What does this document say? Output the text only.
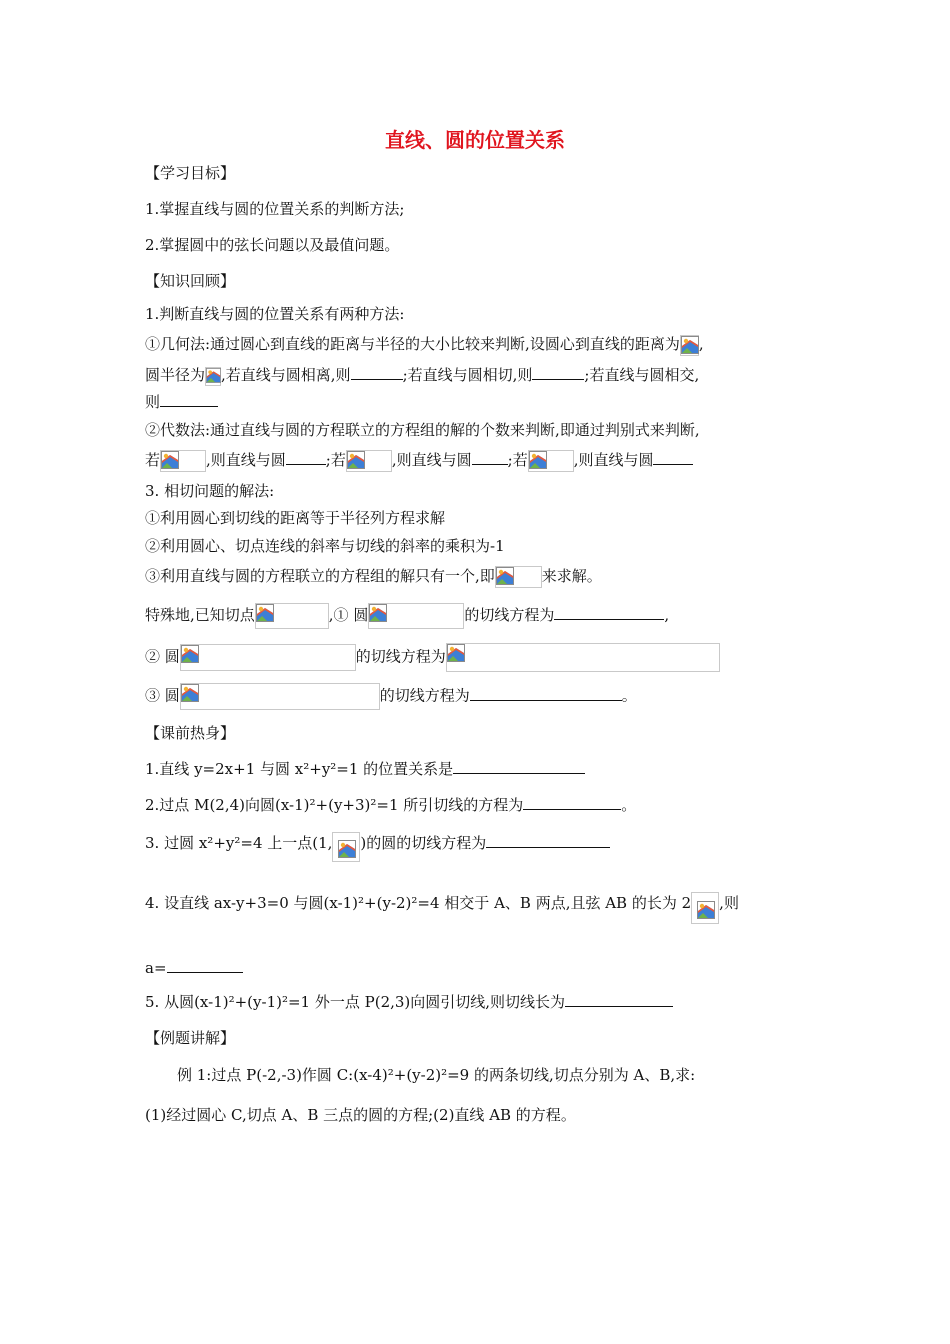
直线、圆的位置关系
【学习目标】
1.掌握直线与圆的位置关系的判断方法;
2.掌握圆中的弦长问题以及最值问题。
【知识回顾】
1.判断直线与圆的位置关系有两种方法:
①几何法:通过圆心到直线的距离与半径的大小比较来判断,设圆心到直线的距离为 ,
圆半径为 ,若直线与圆相离,则	;若直线与圆相切,则	;若直线与圆相交,
则
②代数法:通过直线与圆的方程联立的方程组的解的个数来判断,即通过判别式来判断,
若	,则直线与圆	;若	,则直线与圆 ;若	,则直线与圆
3. 相切问题的解法:
①利用圆心到切线的距离等于半径列方程求解
②利用圆心、切点连线的斜率与切线的斜率的乘积为-1
③利用直线与圆的方程联立的方程组的解只有一个,即	来求解。
特殊地,已知切点	,① 圆	的切线方程为	,
② 圆	的切线方程为
③ 圆	的切线方程为	。
【课前热身】
1.直线 y=2x+1 与圆 x²+y²=1 的位置关系是
2.过点 M(2,4)向圆(x-1)²+(y+3)²=1 所引切线的方程为	。
3. 过圆 x²+y²=4 上一点(1, )的圆的切线方程为
4. 设直线 ax-y+3=0 与圆(x-1)²+(y-2)²=4 相交于 A、B 两点,且弦 AB 的长为 2 ,则
a=
5. 从圆(x-1)²+(y-1)²=1 外一点 P(2,3)向圆引切线,则切线长为
【例题讲解】
例 1:过点 P(-2,-3)作圆 C:(x-4)²+(y-2)²=9 的两条切线,切点分别为 A、B,求:
(1)经过圆心 C,切点 A、B 三点的圆的方程;(2)直线 AB 的方程。
